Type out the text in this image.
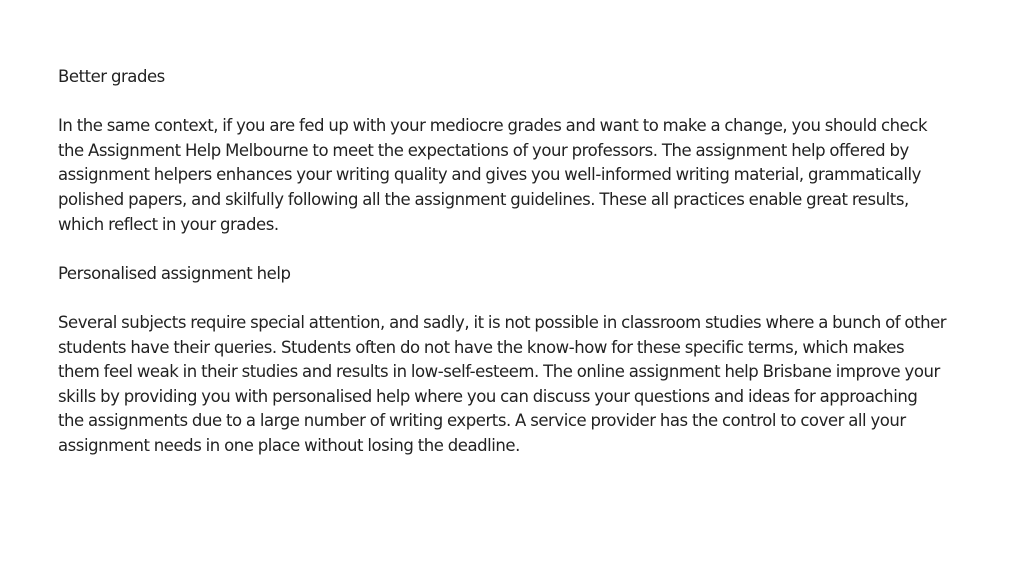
Better grades

In the same context, if you are fed up with your mediocre grades and want to make a change, you should check
the Assignment Help Melbourne to meet the expectations of your professors. The assignment help offered by
assignment helpers enhances your writing quality and gives you well-informed writing material, grammatically
polished papers, and skilfully following all the assignment guidelines. These all practices enable great results,
which reflect in your grades.

Personalised assignment help

Several subjects require special attention, and sadly, it is not possible in classroom studies where a bunch of other
students have their queries. Students often do not have the know-how for these specific terms, which makes
them feel weak in their studies and results in low-self-esteem. The online assignment help Brisbane improve your
skills by providing you with personalised help where you can discuss your questions and ideas for approaching
the assignments due to a large number of writing experts. A service provider has the control to cover all your
assignment needs in one place without losing the deadline.
